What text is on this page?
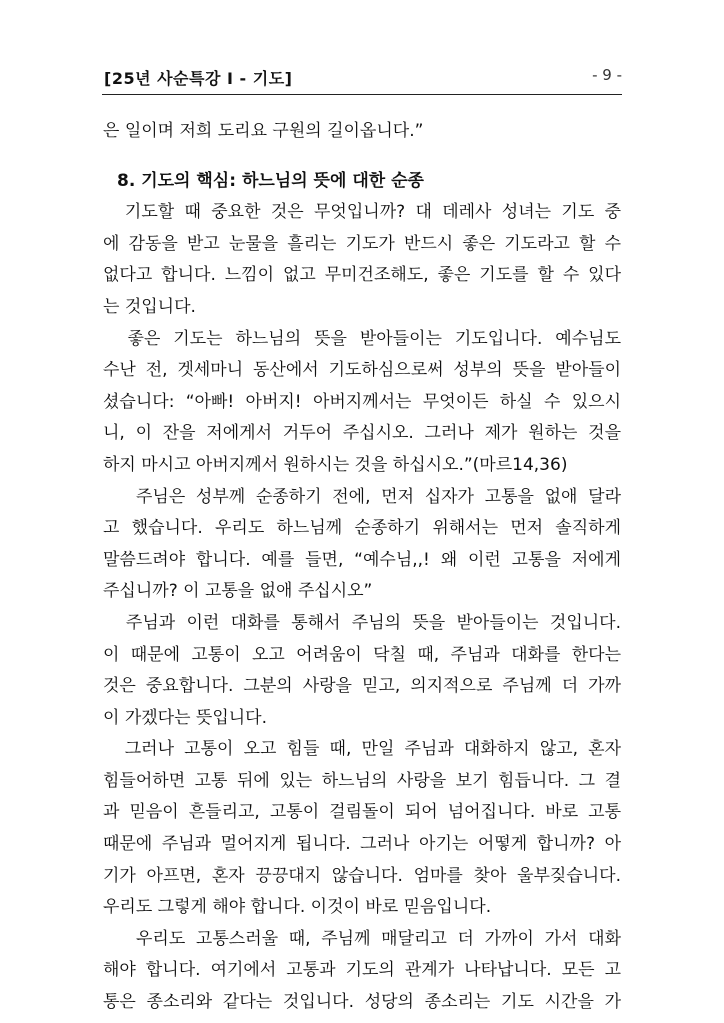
[25년 사순특강 Ⅰ - 기도]	- 9 -
은 일이며 저희 도리요 구원의 길이옵니다.”
8. 기도의 핵심: 하느님의 뜻에 대한 순종
　기도할 때 중요한 것은 무엇입니까? 대 데레사 성녀는 기도 중
에 감동을 받고 눈물을 흘리는 기도가 반드시 좋은 기도라고 할 수
없다고 합니다. 느낌이 없고 무미건조해도, 좋은 기도를 할 수 있다
는 것입니다.
　좋은 기도는 하느님의 뜻을 받아들이는 기도입니다. 예수님도
수난 전, 겟세마니 동산에서 기도하심으로써 성부의 뜻을 받아들이
셨습니다: “아빠! 아버지! 아버지께서는 무엇이든 하실 수 있으시
니, 이 잔을 저에게서 거두어 주십시오. 그러나 제가 원하는 것을
하지 마시고 아버지께서 원하시는 것을 하십시오.”(마르14,36)
　 주님은 성부께 순종하기 전에, 먼저 십자가 고통을 없애 달라
고 했습니다. 우리도 하느님께 순종하기 위해서는 먼저 솔직하게
말씀드려야 합니다. 예를 들면, “예수님,,! 왜 이런 고통을 저에게
주십니까? 이 고통을 없애 주십시오”
　주님과 이런 대화를 통해서 주님의 뜻을 받아들이는 것입니다.
이 때문에 고통이 오고 어려움이 닥칠 때, 주님과 대화를 한다는
것은 중요합니다. 그분의 사랑을 믿고, 의지적으로 주님께 더 가까
이 가겠다는 뜻입니다.
　그러나 고통이 오고 힘들 때, 만일 주님과 대화하지 않고, 혼자
힘들어하면 고통 뒤에 있는 하느님의 사랑을 보기 힘듭니다. 그 결
과 믿음이 흔들리고, 고통이 걸림돌이 되어 넘어집니다. 바로 고통
때문에 주님과 멀어지게 됩니다. 그러나 아기는 어떻게 합니까? 아
기가 아프면, 혼자 끙끙대지 않습니다. 엄마를 찾아 울부짖습니다.
우리도 그렇게 해야 합니다. 이것이 바로 믿음입니다.
　 우리도 고통스러울 때, 주님께 매달리고 더 가까이 가서 대화
해야 합니다. 여기에서 고통과 기도의 관계가 나타납니다. 모든 고
통은 종소리와 같다는 것입니다. 성당의 종소리는 기도 시간을 가
